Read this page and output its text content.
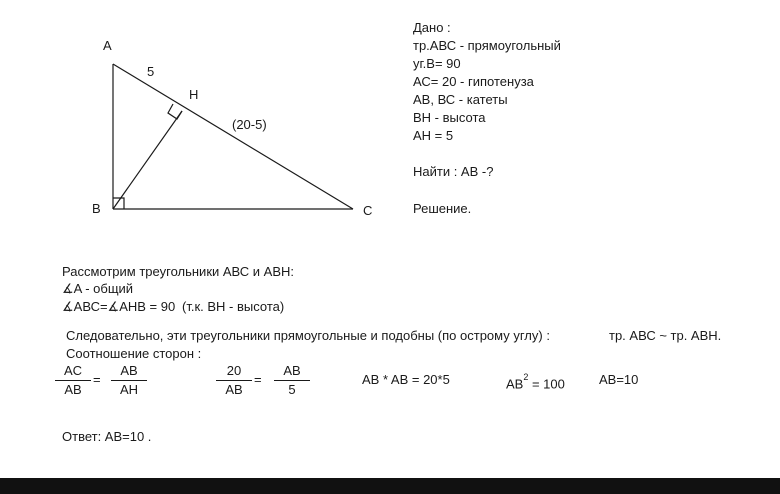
A
B	C
H
5
(20-5)
Дано :
тр.АВС - прямоугольный
уг.В= 90
АС= 20 - гипотенуза
АВ, ВС - катеты
ВН - высота
АН = 5
Найти : АВ -?
Решение.
Рассмотрим треугольники АВС и АВН:
∡A - общий
∡АВС=∡AHB = 90 (т.к. ВН - высота)
Следовательно, эти треугольники прямоугольные и подобны (по острому углу) :	тр. АВС ~ тр. АВН.
Соотношение сторон :
AC
AB
=
AB
AH
20
AB
=
AB
5
AB * AB = 20*5	$AB^2 = 100$	AB=10
Ответ: AB=10 .
